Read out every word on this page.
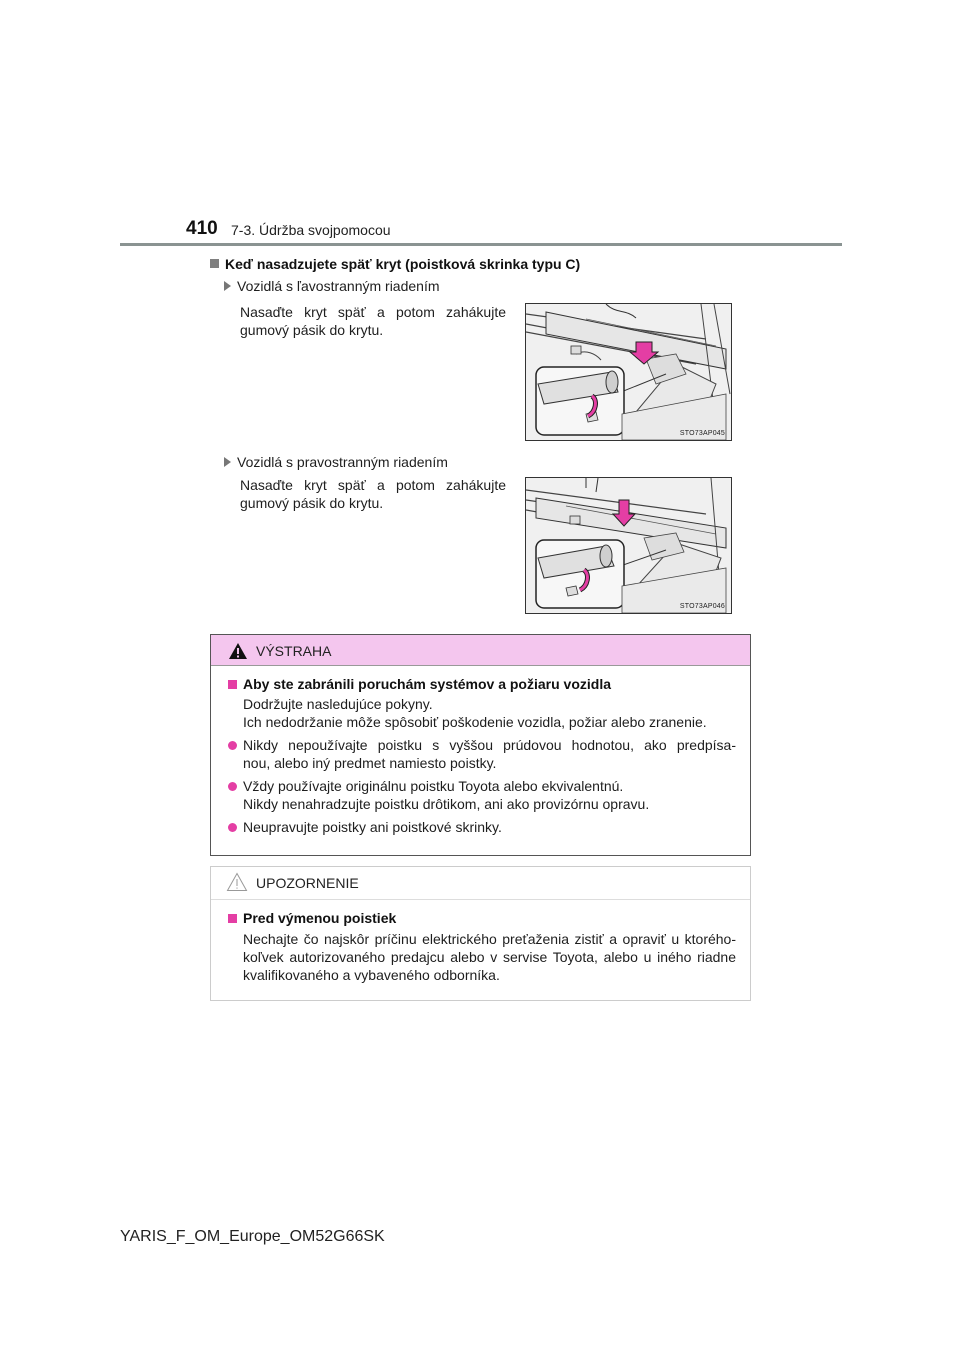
410 7-3. Údržba svojpomocou
Keď nasadzujete späť kryt (poistková skrinka typu C)
Vozidlá s ľavostranným riadením
Nasaďte kryt späť a potom zahákujte
gumový pásik do krytu.
STO73AP045
Vozidlá s pravostranným riadením
Nasaďte kryt späť a potom zahákujte
gumový pásik do krytu.
STO73AP046
VÝSTRAHA
Aby ste zabránili poruchám systémov a požiaru vozidla
Dodržujte nasledujúce pokyny.
Ich nedodržanie môže spôsobiť poškodenie vozidla, požiar alebo zranenie.
Nikdy nepoužívajte poistku s vyššou prúdovou hodnotou, ako predpísa-
nou, alebo iný predmet namiesto poistky.
Vždy používajte originálnu poistku Toyota alebo ekvivalentnú.
Nikdy nenahradzujte poistku drôtikom, ani ako provizórnu opravu.
Neupravujte poistky ani poistkové skrinky.
UPOZORNENIE
Pred výmenou poistiek
Nechajte čo najskôr príčinu elektrického preťaženia zistiť a opraviť u ktorého-
koľvek autorizovaného predajcu alebo v servise Toyota, alebo u iného riadne
kvalifikovaného a vybaveného odborníka.
YARIS_F_OM_Europe_OM52G66SK
